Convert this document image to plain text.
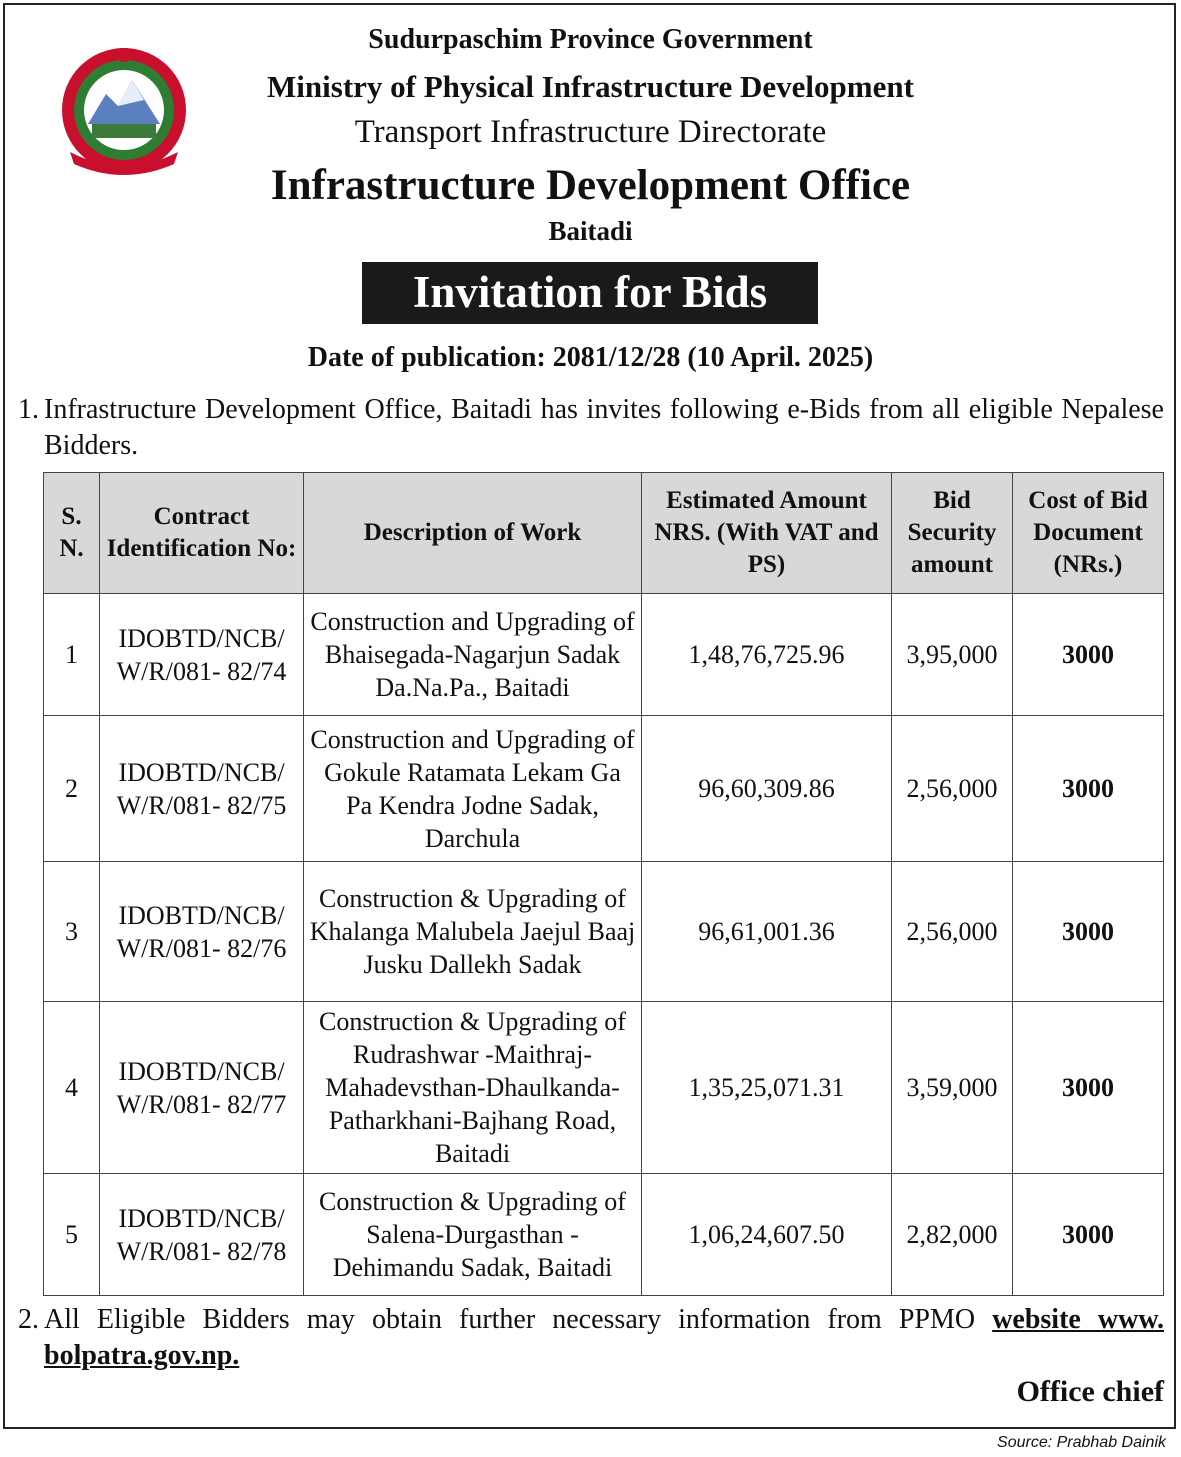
Sudurpaschim Province Government
Ministry of Physical Infrastructure Development
Transport Infrastructure Directorate
Infrastructure Development Office
Baitadi
Invitation for Bids
Date of publication: 2081/12/28 (10 April. 2025)
1. Infrastructure Development Office, Baitadi has invites following e-Bids from all eligible Nepalese Bidders.
S. N.	Contract Identification No:	Description of Work	Estimated Amount NRS. (With VAT and PS)	Bid Security amount	Cost of Bid Document (NRs.)
1	IDOBTD/NCB/ W/R/081- 82/74	Construction and Upgrading of Bhaisegada-Nagarjun Sadak Da.Na.Pa., Baitadi	1,48,76,725.96	3,95,000	3000
2	IDOBTD/NCB/ W/R/081- 82/75	Construction and Upgrading of Gokule Ratamata Lekam Ga Pa Kendra Jodne Sadak, Darchula	96,60,309.86	2,56,000	3000
3	IDOBTD/NCB/ W/R/081- 82/76	Construction & Upgrading of Khalanga Malubela Jaejul Baaj Jusku Dallekh Sadak	96,61,001.36	2,56,000	3000
4	IDOBTD/NCB/ W/R/081- 82/77	Construction & Upgrading of Rudrashwar -Maithraj- Mahadevsthan-Dhaulkanda- Patharkhani-Bajhang Road, Baitadi	1,35,25,071.31	3,59,000	3000
5	IDOBTD/NCB/ W/R/081- 82/78	Construction & Upgrading of Salena-Durgasthan -Dehimandu Sadak, Baitadi	1,06,24,607.50	2,82,000	3000
2. All Eligible Bidders may obtain further necessary information from PPMO website www. bolpatra.gov.np.
Office chief
Source: Prabhab Dainik
